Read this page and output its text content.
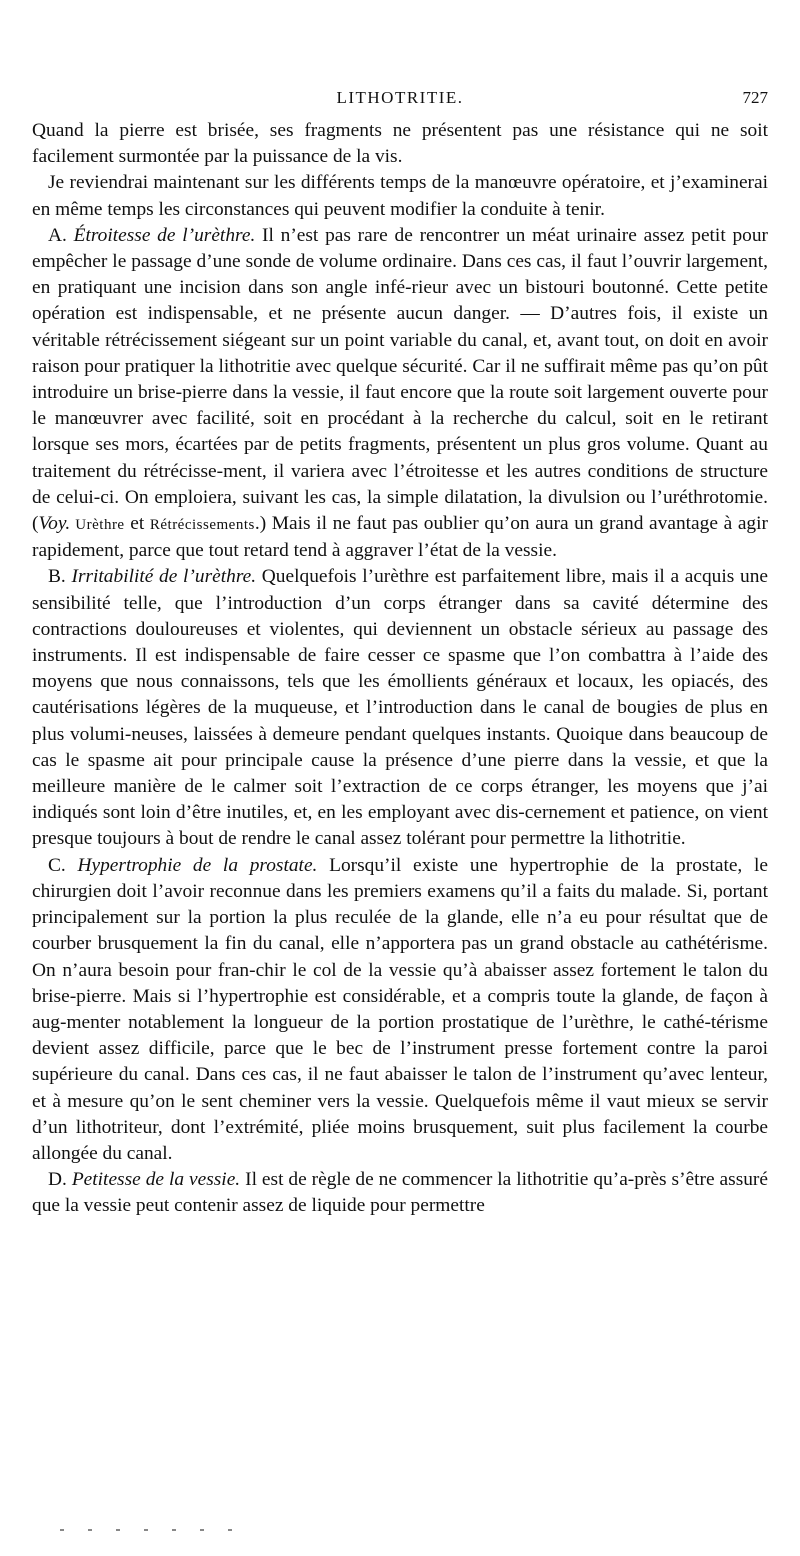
LITHOTRITIE.	727

Quand la pierre est brisée, ses fragments ne présentent pas une résistance qui ne soit facilement surmontée par la puissance de la vis.

Je reviendrai maintenant sur les différents temps de la manœuvre opératoire, et j’examinerai en même temps les circonstances qui peuvent modifier la conduite à tenir.

A. Étroitesse de l’urèthre. Il n’est pas rare de rencontrer un méat urinaire assez petit pour empêcher le passage d’une sonde de volume ordinaire. Dans ces cas, il faut l’ouvrir largement, en pratiquant une incision dans son angle infé-rieur avec un bistouri boutonné. Cette petite opération est indispensable, et ne présente aucun danger. — D’autres fois, il existe un véritable rétrécissement siégeant sur un point variable du canal, et, avant tout, on doit en avoir raison pour pratiquer la lithotritie avec quelque sécurité. Car il ne suffirait même pas qu’on pût introduire un brise-pierre dans la vessie, il faut encore que la route soit largement ouverte pour le manœuvrer avec facilité, soit en procédant à la recherche du calcul, soit en le retirant lorsque ses mors, écartées par de petits fragments, présentent un plus gros volume. Quant au traitement du rétrécisse-ment, il variera avec l’étroitesse et les autres conditions de structure de celui-ci. On emploiera, suivant les cas, la simple dilatation, la divulsion ou l’uréthrotomie. (Voy. Urèthre et Rétrécissements.) Mais il ne faut pas oublier qu’on aura un grand avantage à agir rapidement, parce que tout retard tend à aggraver l’état de la vessie.

B. Irritabilité de l’urèthre. Quelquefois l’urèthre est parfaitement libre, mais il a acquis une sensibilité telle, que l’introduction d’un corps étranger dans sa cavité détermine des contractions douloureuses et violentes, qui deviennent un obstacle sérieux au passage des instruments. Il est indispensable de faire cesser ce spasme que l’on combattra à l’aide des moyens que nous connaissons, tels que les émollients généraux et locaux, les opiacés, des cautérisations légères de la muqueuse, et l’introduction dans le canal de bougies de plus en plus volumi-neuses, laissées à demeure pendant quelques instants. Quoique dans beaucoup de cas le spasme ait pour principale cause la présence d’une pierre dans la vessie, et que la meilleure manière de le calmer soit l’extraction de ce corps étranger, les moyens que j’ai indiqués sont loin d’être inutiles, et, en les employant avec dis-cernement et patience, on vient presque toujours à bout de rendre le canal assez tolérant pour permettre la lithotritie.

C. Hypertrophie de la prostate. Lorsqu’il existe une hypertrophie de la prostate, le chirurgien doit l’avoir reconnue dans les premiers examens qu’il a faits du malade. Si, portant principalement sur la portion la plus reculée de la glande, elle n’a eu pour résultat que de courber brusquement la fin du canal, elle n’apportera pas un grand obstacle au cathétérisme. On n’aura besoin pour fran-chir le col de la vessie qu’à abaisser assez fortement le talon du brise-pierre. Mais si l’hypertrophie est considérable, et a compris toute la glande, de façon à aug-menter notablement la longueur de la portion prostatique de l’urèthre, le cathé-térisme devient assez difficile, parce que le bec de l’instrument presse fortement contre la paroi supérieure du canal. Dans ces cas, il ne faut abaisser le talon de l’instrument qu’avec lenteur, et à mesure qu’on le sent cheminer vers la vessie. Quelquefois même il vaut mieux se servir d’un lithotriteur, dont l’extrémité, pliée moins brusquement, suit plus facilement la courbe allongée du canal.

D. Petitesse de la vessie. Il est de règle de ne commencer la lithotritie qu’a-près s’être assuré que la vessie peut contenir assez de liquide pour permettre
